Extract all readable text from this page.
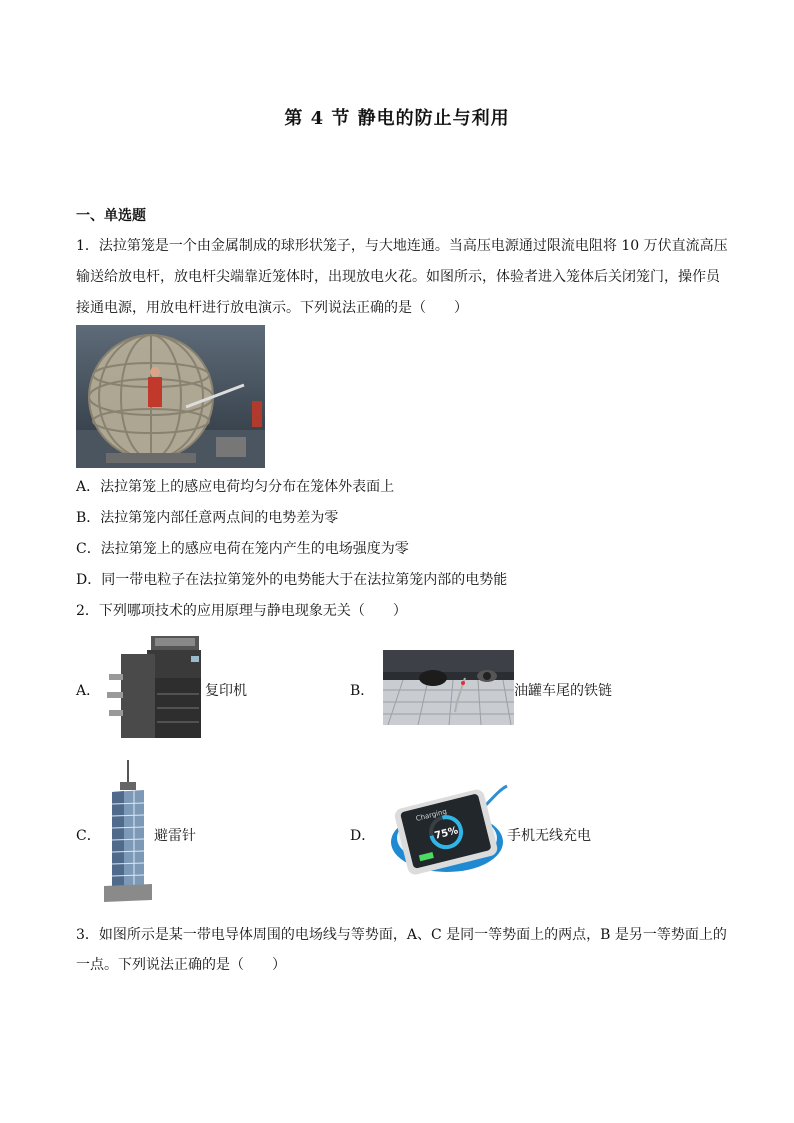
第 4 节 静电的防止与利用
一、单选题
1．法拉第笼是一个由金属制成的球形状笼子，与大地连通。当高压电源通过限流电阻将 10 万伏直流高压
输送给放电杆，放电杆尖端靠近笼体时，出现放电火花。如图所示，体验者进入笼体后关闭笼门，操作员
接通电源，用放电杆进行放电演示。下列说法正确的是（　　）
A．法拉第笼上的感应电荷均匀分布在笼体外表面上
B．法拉第笼内部任意两点间的电势差为零
C．法拉第笼上的感应电荷在笼内产生的电场强度为零
D．同一带电粒子在法拉第笼外的电势能大于在法拉第笼内部的电势能
2．下列哪项技术的应用原理与静电现象无关（　　）
A．	复印机	B．	油罐车尾的铁链
C．	避雷针	D．
Charging
75%	手机无线充电
3．如图所示是某一带电导体周围的电场线与等势面，A、C 是同一等势面上的两点，B 是另一等势面上的
一点。下列说法正确的是（　　）
